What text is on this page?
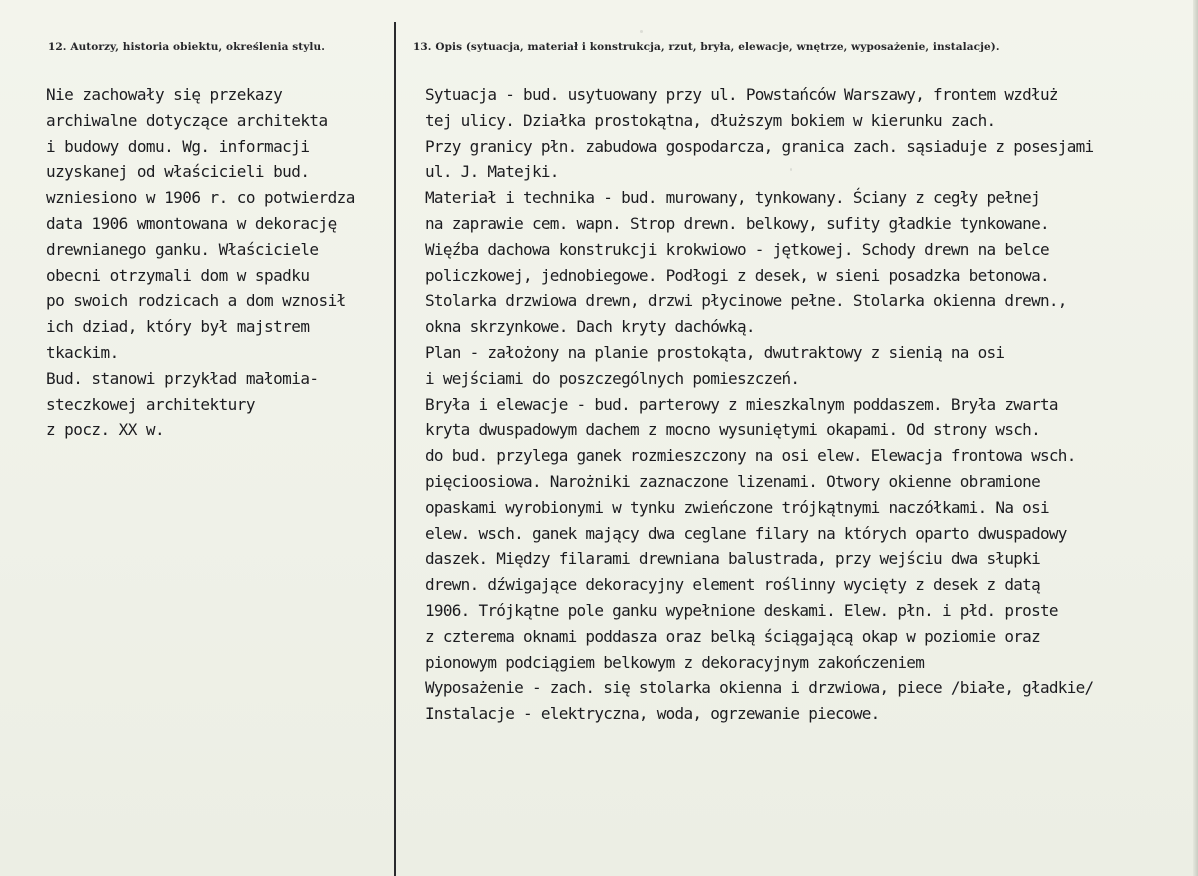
12. Autorzy, historia obiektu, określenia stylu.	13. Opis (sytuacja, materiał i konstrukcja, rzut, bryła, elewacje, wnętrze, wyposażenie, instalacje).
Nie zachowały się przekazy
archiwalne dotyczące architekta
i budowy domu. Wg. informacji
uzyskanej od właścicieli bud.
wzniesiono w 1906 r. co potwierdza
data 1906 wmontowana w dekorację
drewnianego ganku. Właściciele
obecni otrzymali dom w spadku
po swoich rodzicach a dom wznosił
ich dziad, który był majstrem
tkackim.
Bud. stanowi przykład małomia-
steczkowej architektury
z pocz. XX w.
Sytuacja - bud. usytuowany przy ul. Powstańców Warszawy, frontem wzdłuż
tej ulicy. Działka prostokątna, dłuższym bokiem w kierunku zach.
Przy granicy płn. zabudowa gospodarcza, granica zach. sąsiaduje z posesjami
ul. J. Matejki.
Materiał i technika - bud. murowany, tynkowany. Ściany z cegły pełnej
na zaprawie cem. wapn. Strop drewn. belkowy, sufity gładkie tynkowane.
Więźba dachowa konstrukcji krokwiowo - jętkowej. Schody drewn na belce
policzkowej, jednobiegowe. Podłogi z desek, w sieni posadzka betonowa.
Stolarka drzwiowa drewn, drzwi płycinowe pełne. Stolarka okienna drewn.,
okna skrzynkowe. Dach kryty dachówką.
Plan - założony na planie prostokąta, dwutraktowy z sienią na osi
i wejściami do poszczególnych pomieszczeń.
Bryła i elewacje - bud. parterowy z mieszkalnym poddaszem. Bryła zwarta
kryta dwuspadowym dachem z mocno wysuniętymi okapami. Od strony wsch.
do bud. przylega ganek rozmieszczony na osi elew. Elewacja frontowa wsch.
pięcioosiowa. Narożniki zaznaczone lizenami. Otwory okienne obramione
opaskami wyrobionymi w tynku zwieńczone trójkątnymi naczółkami. Na osi
elew. wsch. ganek mający dwa ceglane filary na których oparto dwuspadowy
daszek. Między filarami drewniana balustrada, przy wejściu dwa słupki
drewn. dźwigające dekoracyjny element roślinny wycięty z desek z datą
1906. Trójkątne pole ganku wypełnione deskami. Elew. płn. i płd. proste
z czterema oknami poddasza oraz belką ściągającą okap w poziomie oraz
pionowym podciągiem belkowym z dekoracyjnym zakończeniem
Wyposażenie - zach. się stolarka okienna i drzwiowa, piece /białe, gładkie/
Instalacje - elektryczna, woda, ogrzewanie piecowe.
